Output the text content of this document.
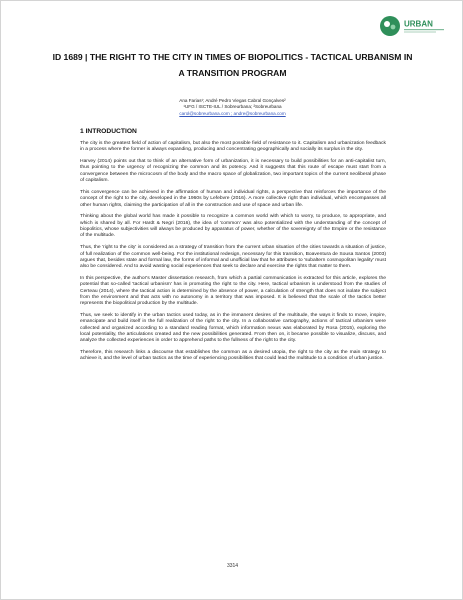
URBAN
ID 1689 | THE RIGHT TO THE CITY IN TIMES OF BIOPOLITICS - TACTICAL URBANISM IN A TRANSITION PROGRAM
Ana Farias¹; André Pedro Viegas Cabral Gonçalves²
¹UFG / ISCTE-IUL / Sobreurbana; ²Sobreurbana
carol@sobreurbana.com ; andre@sobreurbana.com
1 INTRODUCTION

The city is the greatest field of action of capitalism, but also the most possible field of resistance to it. Capitalism and urbanization feedback in a process where the former is always expanding, producing and concentrating geographically and socially its surplus in the city.

Harvey (2014) points out that to think of an alternative form of urbanization, it is necessary to build possibilities for an anti-capitalist turn, thus pointing to the urgency of recognizing the common and its potency. And it suggests that this route of escape must start from a convergence between the microcosm of the body and the macro space of globalization, two important topics of the current neoliberal phase of capitalism.

This convergence can be achieved in the affirmation of human and individual rights, a perspective that reinforces the importance of the concept of the right to the city, developed in the 1960s by Lefebvre (2016). A more collective right than individual, which encompasses all other human rights, claiming the participation of all in the construction and use of space and urban life.

Thinking about the global world has made it possible to recognize a common world with which to worry, to produce, to appropriate, and which is shared by all. For Hardt & Negri (2016), the idea of 'common' was also potentialized with the understanding of the concept of biopolitics, whose subjectivities will always be produced by apparatus of power, whether of the sovereignty of the Empire or the resistance of the multitude.

Thus, the 'right to the city' is considered as a strategy of transition from the current urban situation of the cities towards a situation of justice, of full realization of the common well-being. For the institutional redesign, necessary for this transition, Boaventura de Sousa Santos (2003) argues that, besides state and formal law, the forms of informal and unofficial law that he attributes to 'subaltern cosmopolitan legality' must also be considered. And to avoid wasting social experiences that seek to declare and exercise the rights that matter to them.

In this perspective, the author's Master dissertation research, from which a partial communication is extracted for this article, explores the potential that so-called 'tactical urbanism' has in promoting the right to the city. Here, tactical urbanism is understood from the studies of Certeau (2014), where the tactical action is determined by the absence of power, a calculation of strength that does not isolate the subject from the environment and that acts with no autonomy in a territory that was imposed. It is believed that the scale of the tactics better represents the biopolitical production by the multitude.

Thus, we seek to identify in the urban tactics used today, as in the immanent desires of the multitude, the ways it finds to move, inspire, emancipate and build itself in the full realization of the right to the city. In a collaborative cartography, actions of tactical urbanism were collected and organized according to a standard reading format, which information nexus was elaborated by Rosa (2015), exploring the local potentiality, the articulations created and the new possibilities generated. From then on, it became possible to visualize, discuss, and analyze the collected experiences in order to apprehend paths to the fullness of the right to the city.

Therefore, this research links a discourse that establishes the common as a desired utopia, the right to the city as the main strategy to achieve it, and the level of urban tactics as the time of experiencing possibilities that could lead the multitude to a condition of urban justice.

3314
